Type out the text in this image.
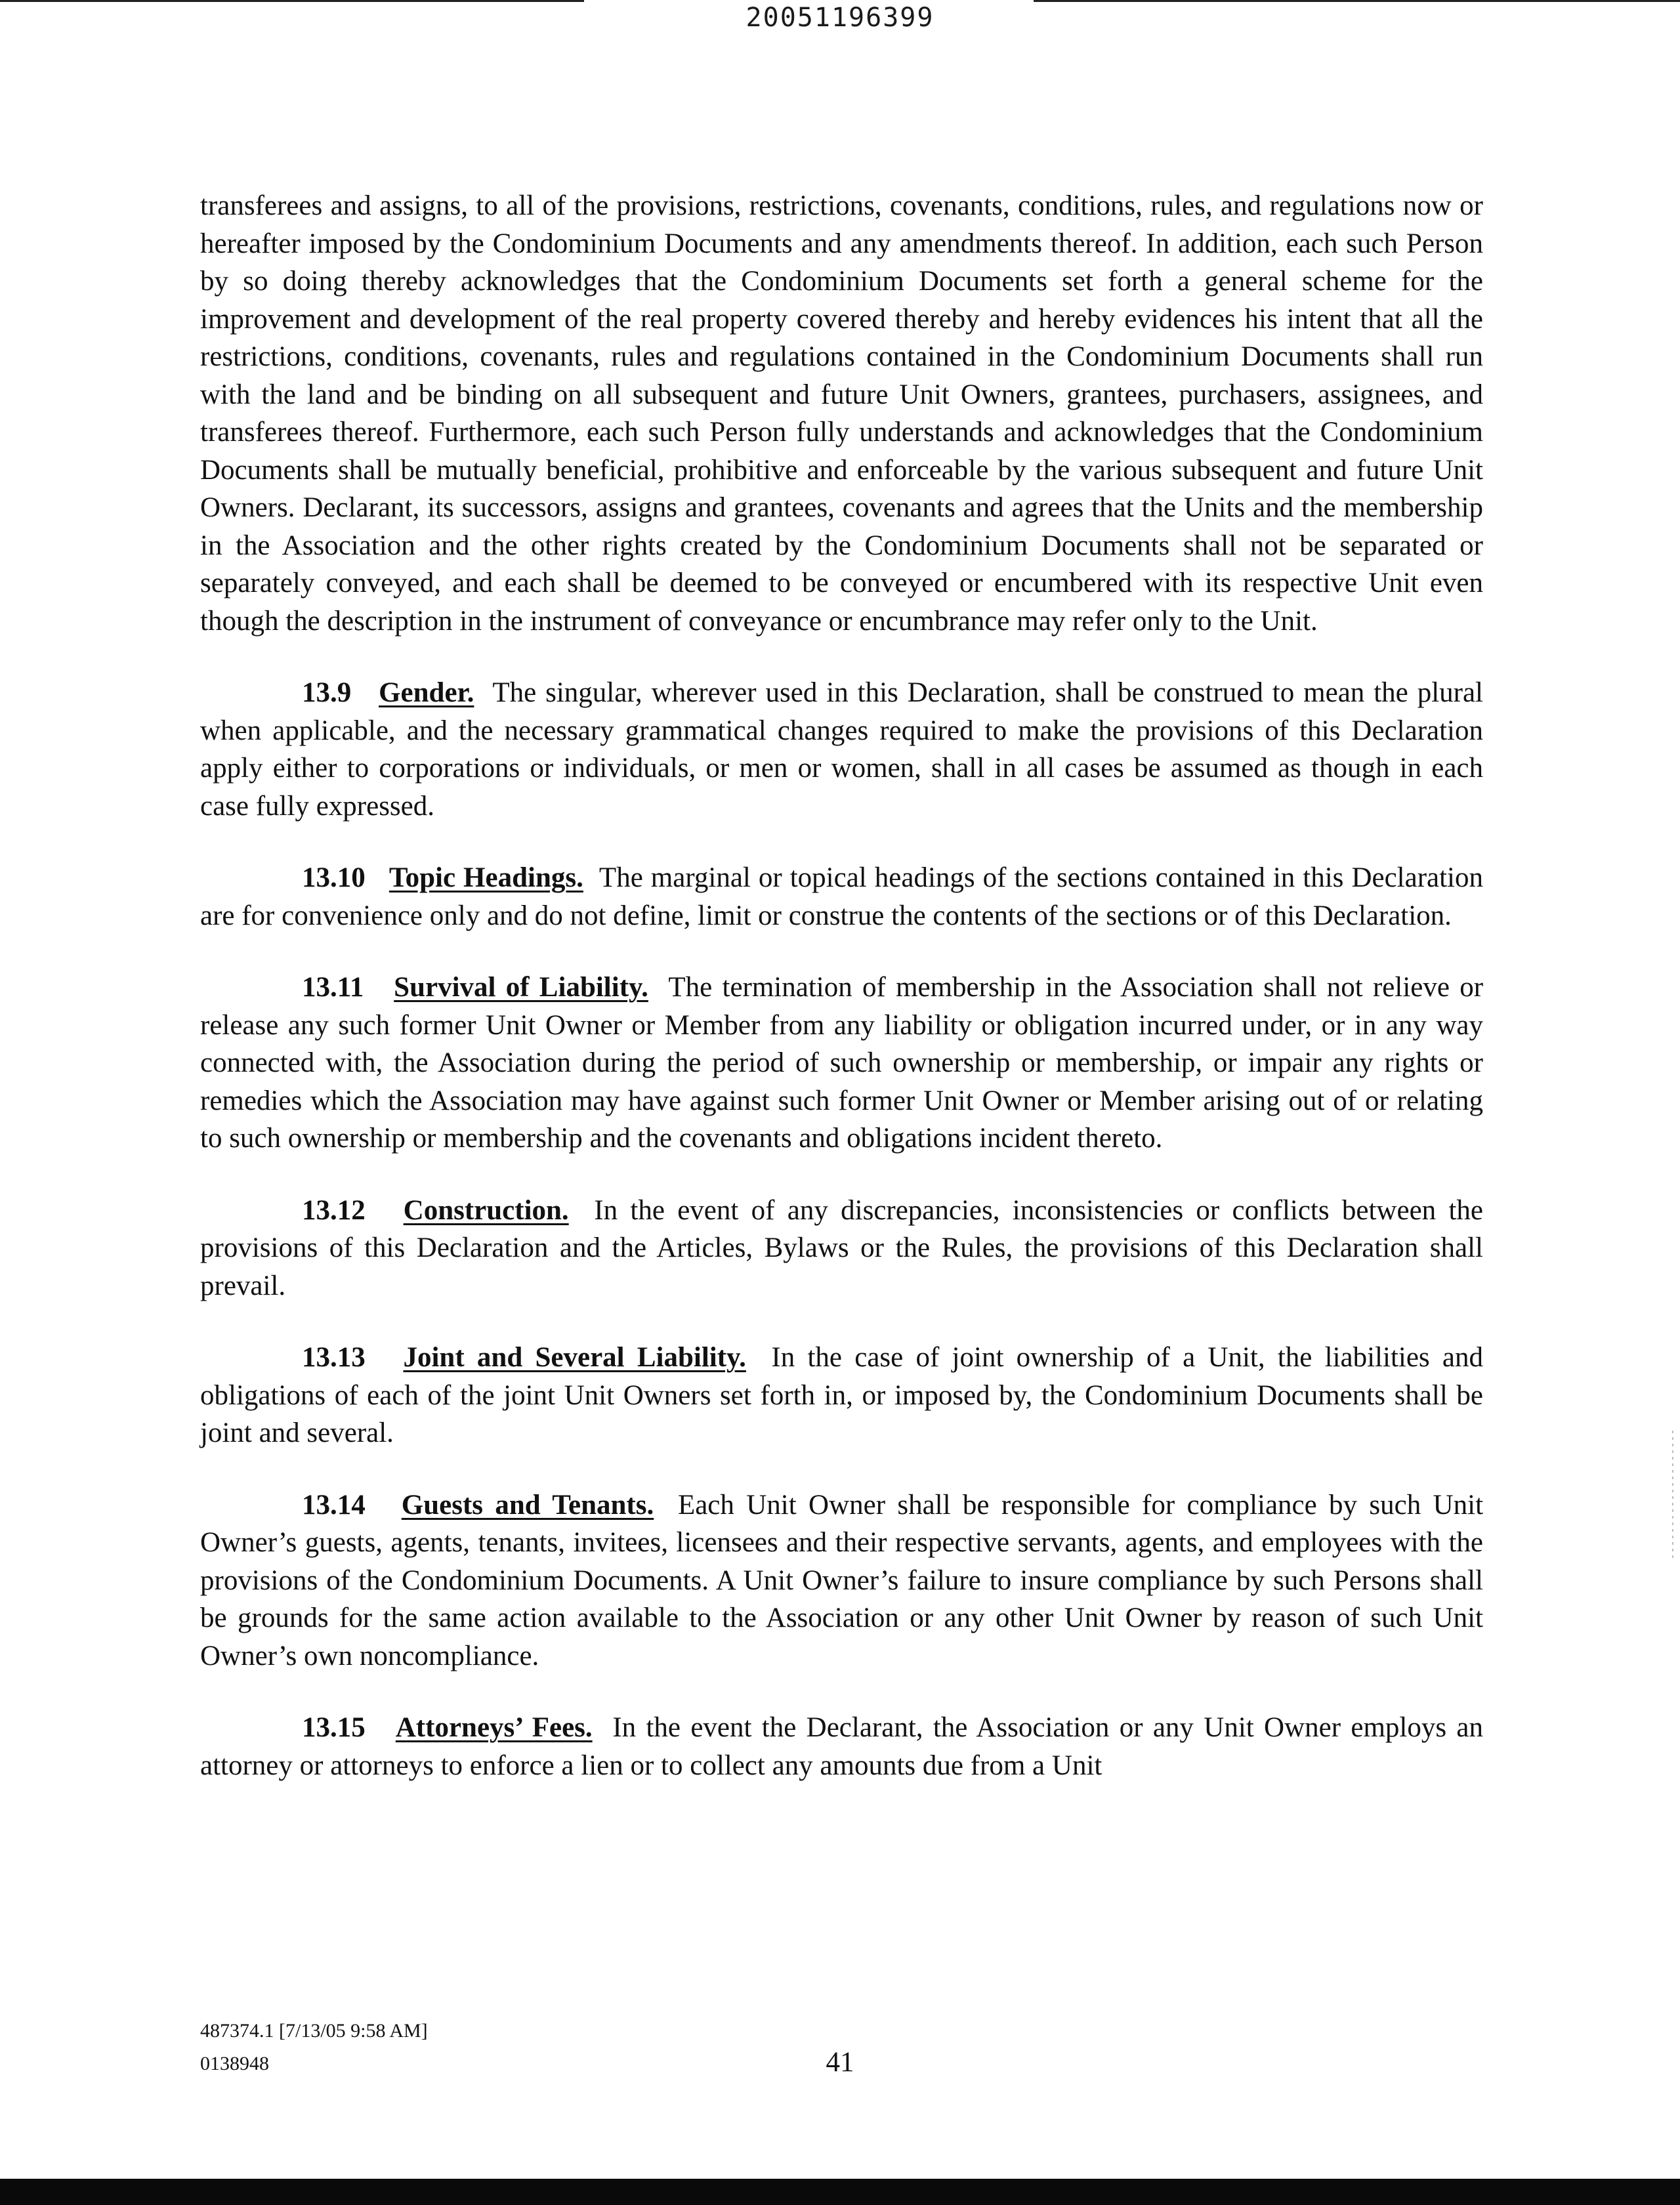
20051196399

transferees and assigns, to all of the provisions, restrictions, covenants, conditions, rules, and regulations now or hereafter imposed by the Condominium Documents and any amendments thereof. In addition, each such Person by so doing thereby acknowledges that the Condominium Documents set forth a general scheme for the improvement and development of the real property covered thereby and hereby evidences his intent that all the restrictions, conditions, covenants, rules and regulations contained in the Condominium Documents shall run with the land and be binding on all subsequent and future Unit Owners, grantees, purchasers, assignees, and transferees thereof. Furthermore, each such Person fully understands and acknowledges that the Condominium Documents shall be mutually beneficial, prohibitive and enforceable by the various subsequent and future Unit Owners. Declarant, its successors, assigns and grantees, covenants and agrees that the Units and the membership in the Association and the other rights created by the Condominium Documents shall not be separated or separately conveyed, and each shall be deemed to be conveyed or encumbered with its respective Unit even though the description in the instrument of conveyance or encumbrance may refer only to the Unit.

13.9 Gender. The singular, wherever used in this Declaration, shall be construed to mean the plural when applicable, and the necessary grammatical changes required to make the provisions of this Declaration apply either to corporations or individuals, or men or women, shall in all cases be assumed as though in each case fully expressed.

13.10 Topic Headings. The marginal or topical headings of the sections contained in this Declaration are for convenience only and do not define, limit or construe the contents of the sections or of this Declaration.

13.11 Survival of Liability. The termination of membership in the Association shall not relieve or release any such former Unit Owner or Member from any liability or obligation incurred under, or in any way connected with, the Association during the period of such ownership or membership, or impair any rights or remedies which the Association may have against such former Unit Owner or Member arising out of or relating to such ownership or membership and the covenants and obligations incident thereto.

13.12 Construction. In the event of any discrepancies, inconsistencies or conflicts between the provisions of this Declaration and the Articles, Bylaws or the Rules, the provisions of this Declaration shall prevail.

13.13 Joint and Several Liability. In the case of joint ownership of a Unit, the liabilities and obligations of each of the joint Unit Owners set forth in, or imposed by, the Condominium Documents shall be joint and several.

13.14 Guests and Tenants. Each Unit Owner shall be responsible for compliance by such Unit Owner’s guests, agents, tenants, invitees, licensees and their respective servants, agents, and employees with the provisions of the Condominium Documents. A Unit Owner’s failure to insure compliance by such Persons shall be grounds for the same action available to the Association or any other Unit Owner by reason of such Unit Owner’s own noncompliance.

13.15 Attorneys’ Fees. In the event the Declarant, the Association or any Unit Owner employs an attorney or attorneys to enforce a lien or to collect any amounts due from a Unit

487374.1 [7/13/05 9:58 AM]
0138948	41
